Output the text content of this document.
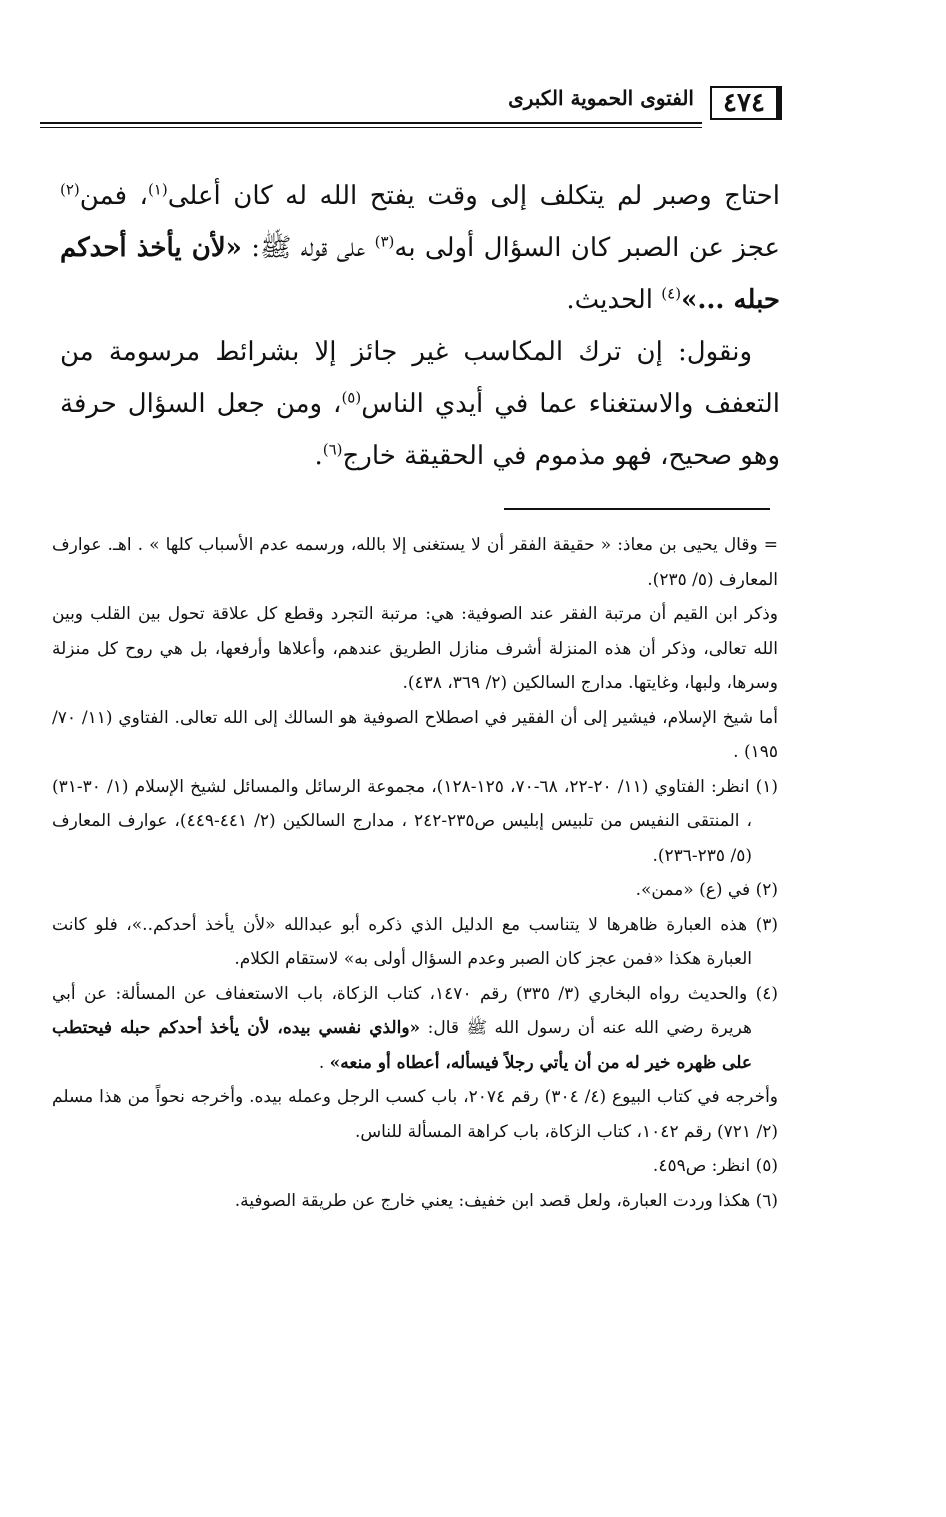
٤٧٤
الفتوى الحموية الكبرى

احتاج وصبر لم يتكلف إلى وقت يفتح الله له كان أعلى$^{(١)}$، فمن$^{(٢)}$ عجز عن الصبر كان السؤال أولى به$^{(٣)}$ على قوله ﷺ: «لأن يأخذ أحدكم حبله ...»$^{(٤)}$ الحديث.

ونقول: إن ترك المكاسب غير جائز إلا بشرائط مرسومة من التعفف والاستغناء عما في أيدي الناس$^{(٥)}$، ومن جعل السؤال حرفة وهو صحيح، فهو مذموم في الحقيقة خارج$^{(٦)}$.

= وقال يحيى بن معاذ: « حقيقة الفقر أن لا يستغنى إلا بالله، ورسمه عدم الأسباب كلها » . اهـ. عوارف المعارف (٥/ ٢٣٥).

وذكر ابن القيم أن مرتبة الفقر عند الصوفية: هي: مرتبة التجرد وقطع كل علاقة تحول بين القلب وبين الله تعالى، وذكر أن هذه المنزلة أشرف منازل الطريق عندهم، وأعلاها وأرفعها، بل هي روح كل منزلة وسرها، ولبها، وغايتها. مدارج السالكين (٢/ ٣٦٩، ٤٣٨).

أما شيخ الإسلام، فيشير إلى أن الفقير في اصطلاح الصوفية هو السالك إلى الله تعالى. الفتاوي (١١/ ٧٠/ ١٩٥) .

(١) انظر: الفتاوي (١١/ ٢٠-٢٢، ٦٨-٧٠، ١٢٥-١٢٨)، مجموعة الرسائل والمسائل لشيخ الإسلام (١/ ٣٠-٣١) ، المنتقى النفيس من تلبيس إبليس ص٢٣٥-٢٤٢ ، مدارج السالكين (٢/ ٤٤١-٤٤٩)، عوارف المعارف (٥/ ٢٣٥-٢٣٦).

(٢) في (ع) «ممن».

(٣) هذه العبارة ظاهرها لا يتناسب مع الدليل الذي ذكره أبو عبدالله «لأن يأخذ أحدكم..»، فلو كانت العبارة هكذا «فمن عجز كان الصبر وعدم السؤال أولى به» لاستقام الكلام.

(٤) والحديث رواه البخاري (٣/ ٣٣٥) رقم ١٤٧٠، كتاب الزكاة، باب الاستعفاف عن المسألة: عن أبي هريرة رضي الله عنه أن رسول الله ﷺ قال: «والذي نفسي بيده، لأن يأخذ أحدكم حبله فيحتطب على ظهره خير له من أن يأتي رجلاً فيسأله، أعطاه أو منعه» .

وأخرجه في كتاب البيوع (٤/ ٣٠٤) رقم ٢٠٧٤، باب كسب الرجل وعمله بيده. وأخرجه نحواً من هذا مسلم (٢/ ٧٢١) رقم ١٠٤٢، كتاب الزكاة، باب كراهة المسألة للناس.

(٥) انظر: ص٤٥٩.

(٦) هكذا وردت العبارة، ولعل قصد ابن خفيف: يعني خارج عن طريقة الصوفية.
